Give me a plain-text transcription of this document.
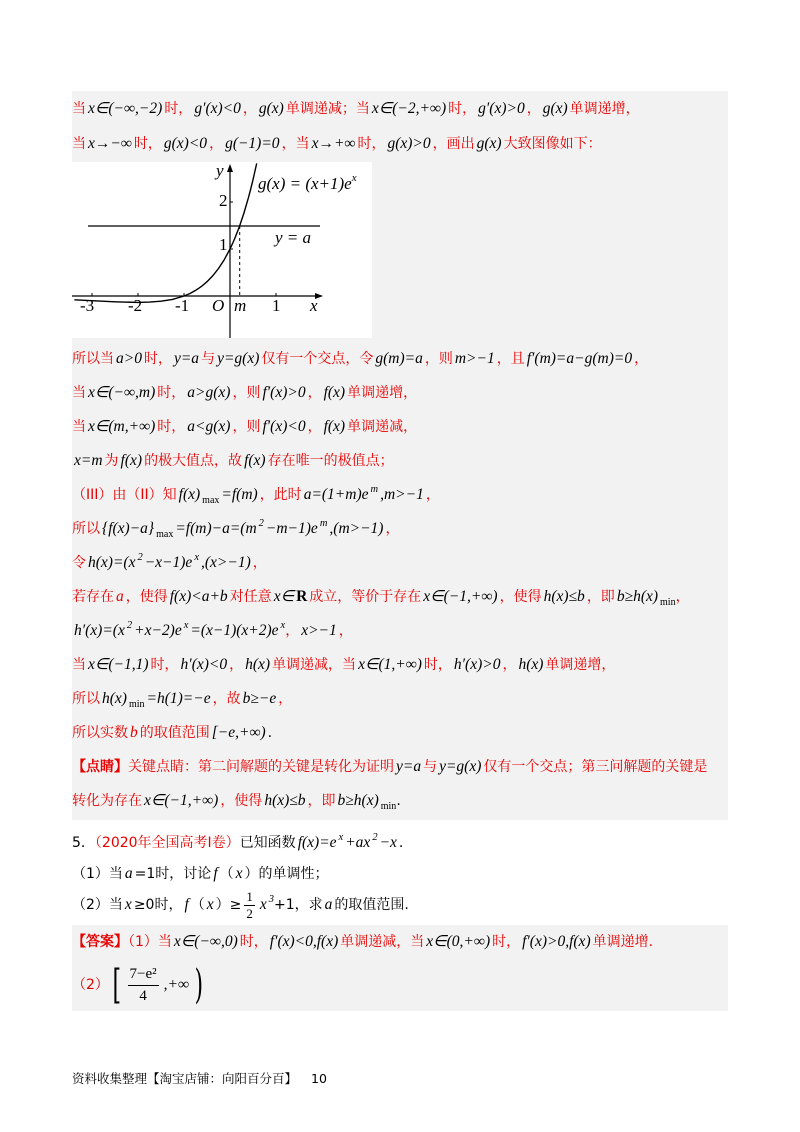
当 x∈(−∞,−2) 时， g′(x)<0 ， g(x) 单调递减；当 x∈(−2,+∞) 时， g′(x)>0 ， g(x) 单调递增，
当 x→−∞ 时， g(x)<0 ， g(−1)=0 ，当 x→+∞ 时， g(x)>0 ，画出 g(x) 大致图像如下：
y
x
O
-3 -2 -1	1
m
2
1
$g(x) = (x+1)e^x$
y = a
所以当 a>0 时， y=a 与 y=g(x) 仅有一个交点，令 g(m)=a ，则 m>−1 ，且 f′(m)=a−g(m)=0 ，
当 x∈(−∞,m) 时， a>g(x) ，则 f′(x)>0 ， f(x) 单调递增，
当 x∈(m,+∞) 时， a<g(x) ，则 f′(x)<0 ， f(x) 单调递减，
x=m 为 f(x) 的极大值点，故 f(x) 存在唯一的极值点；
（III）由（II）知 f(x) $_{max}$ =f(m) ，此时 a=(1+m)e $^m$ ,m>−1 ，
所以 {f(x)−a} $_{max}$ =f(m)−a=(m $^2$ −m−1)e $^m$ ,(m>−1) ，
令 h(x)=(x $^2$ −x−1)e $^x$ ,(x>−1) ，
若存在 a ，使得 f(x)<a+b 对任意 x∈ R 成立，等价于存在 x∈(−1,+∞) ，使得 h(x)≤b ，即 b≥h(x) $_{min}$，
h′(x)=(x $^2$ +x−2)e $^x$ =(x−1)(x+2)e $^x$， x>−1 ，
当 x∈(−1,1) 时， h′(x)<0 ， h(x) 单调递减，当 x∈(1,+∞) 时， h′(x)>0 ， h(x) 单调递增，
所以 h(x) $_{min}$ =h(1)=−e ，故 b≥−e ，
所以实数 b 的取值范围 [−e,+∞) .
【点睛】关键点睛：第二问解题的关键是转化为证明 y=a 与 y=g(x) 仅有一个交点；第三问解题的关键是
转化为存在 x∈(−1,+∞) ，使得 h(x)≤b ，即 b≥h(x) $_{min}$.
5．（2020年全国高考Ⅰ卷）已知函数 f(x)=e $^x$ +ax $^2$ −x .
（1）当 a =1时，讨论 f （ x ）的单调性；
（2）当 x ≥0时， f （ x ）≥ $\frac{1}{2}$ x $^3$+1，求 a 的取值范围.
【答案】（1）当 x∈(−∞,0) 时， f′(x)<0,f(x) 单调递减，当 x∈(0,+∞) 时， f′(x)>0,f(x) 单调递增.
$(2)[ \frac{\text{7−e²}}{4}$ ,+∞ )
资料收集整理【淘宝店铺：向阳百分百】 10
